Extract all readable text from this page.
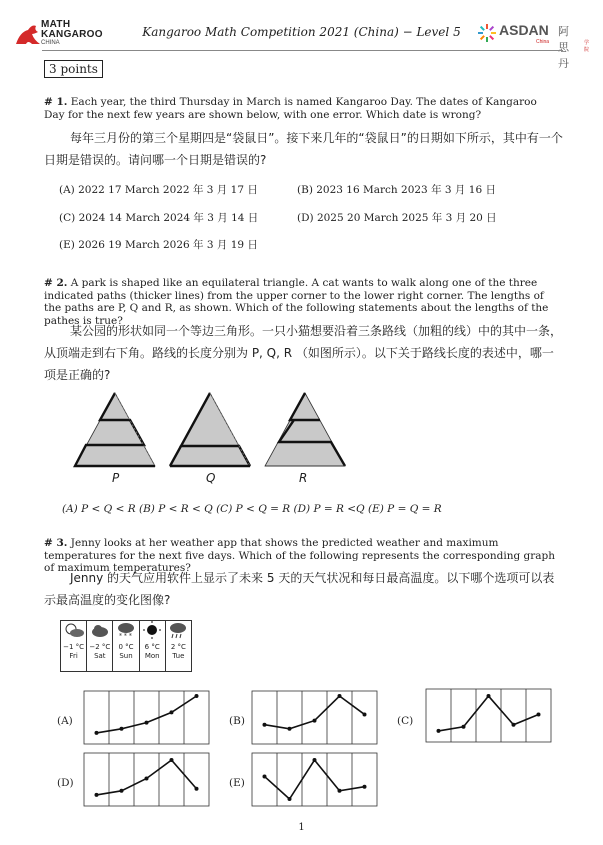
MATH
KANGAROO
CHINA
Kangaroo Math Competition 2021 (China) − Level 5	ASDAN 阿思丹
China	学院
3 points
# 1. Each year, the third Thursday in March is named Kangaroo Day. The dates of Kangaroo Day for the next few years are shown below, with one error. Which date is wrong?
每年三月份的第三个星期四是“袋鼠日”。接下来几年的“袋鼠日”的日期如下所示，其中有一个日期是错误的。请问哪一个日期是错误的?
(A) 2022 17 March 2022 年 3 月 17 日	(B) 2023 16 March 2023 年 3 月 16 日
(C) 2024 14 March 2024 年 3 月 14 日	(D) 2025 20 March 2025 年 3 月 20 日
(E) 2026 19 March 2026 年 3 月 19 日
# 2. A park is shaped like an equilateral triangle. A cat wants to walk along one of the three indicated paths (thicker lines) from the upper corner to the lower right corner. The lengths of the paths are P, Q and R, as shown. Which of the following statements about the lengths of the pathes is true?
某公园的形状如同一个等边三角形。一只小猫想要沿着三条路线（加粗的线）中的其中一条，从顶端走到右下角。路线的长度分别为 P, Q, R （如图所示）。以下关于路线长度的表述中，哪一项是正确的?
P	Q	R
(A) P < Q < R (B) P < R < Q (C) P < Q = R (D) P = R <Q (E) P = Q = R
# 3. Jenny looks at her weather app that shows the predicted weather and maximum temperatures for the next five days. Which of the following represents the corresponding graph of maximum temperatures?
Jenny 的天气应用软件上显示了未来 5 天的天气状况和每日最高温度。以下哪个选项可以表示最高温度的变化图像?
−1 °C
Fri
−2 °C
Sat
* * *
0 °C
Sun
6 °C
Mon
2 °C
Tue
(A)	(B)	(C)
(D)	(E)
1
